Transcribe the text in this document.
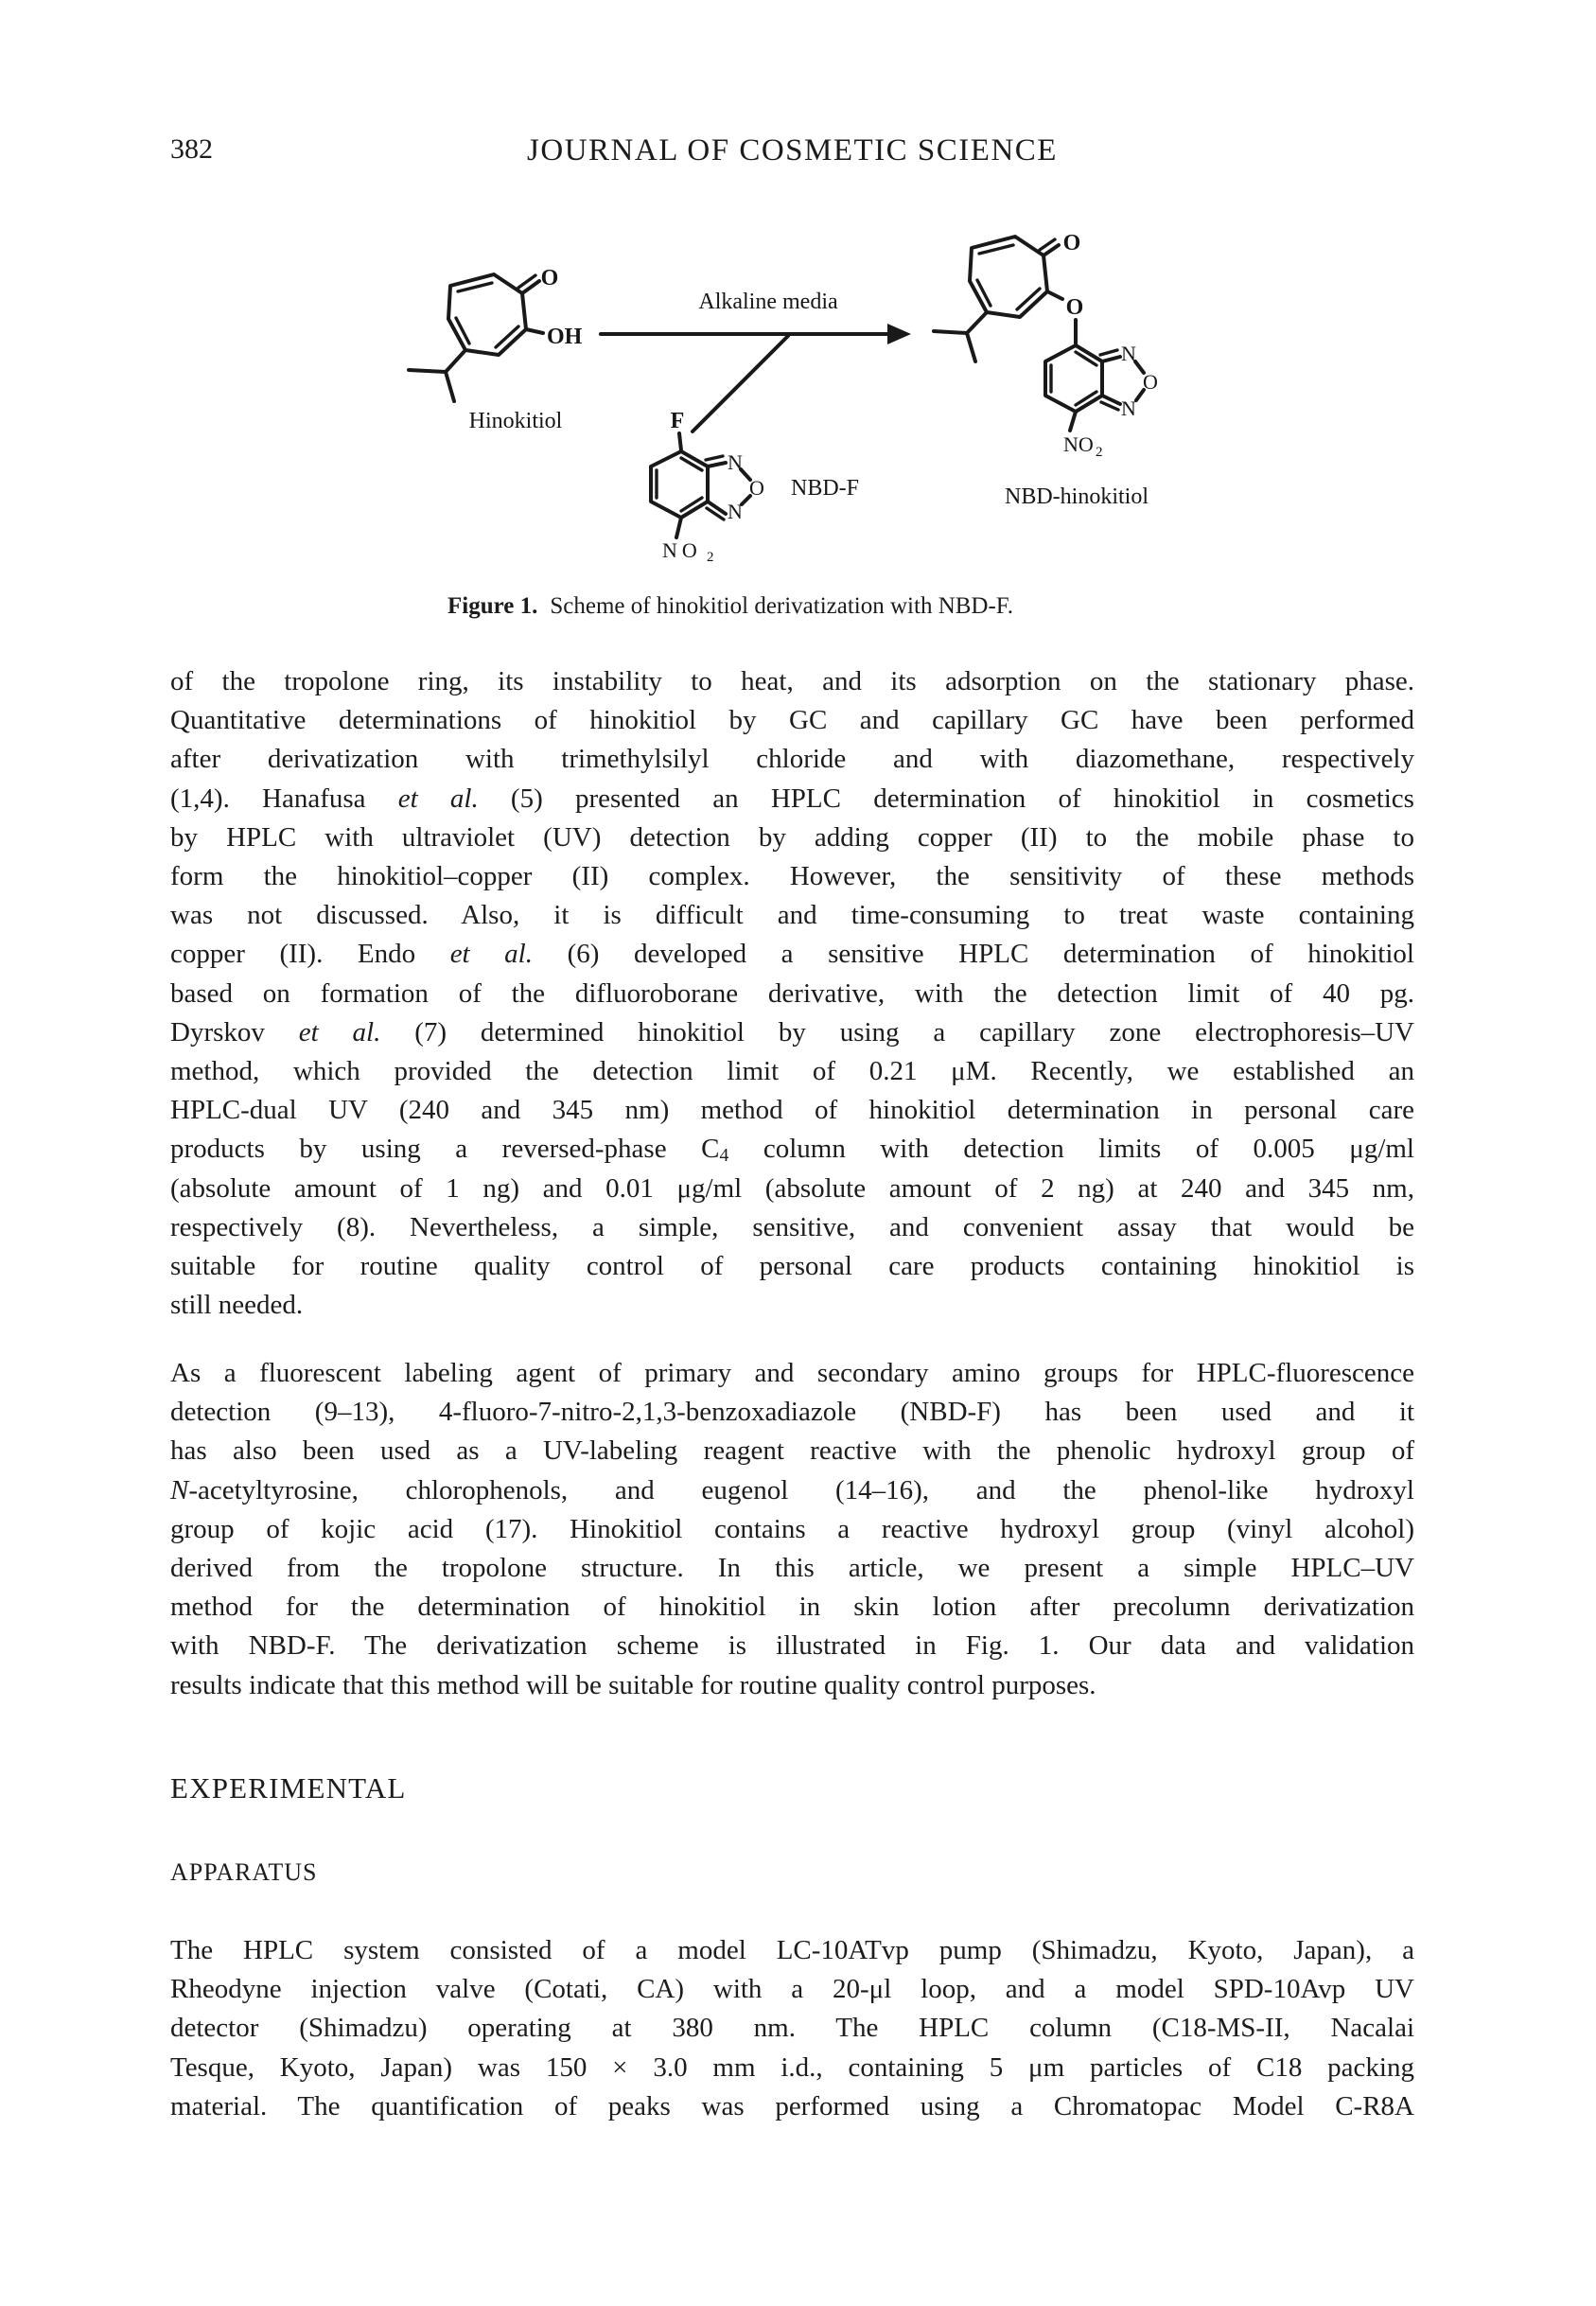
382	JOURNAL OF COSMETIC SCIENCE
O
OH
Hinokitiol
Alkaline media
F
N
O
N
NO 2
NBD-F
O
O
N
O
N
NO 2
NBD-hinokitiol
Figure 1. Scheme of hinokitiol derivatization with NBD-F.
of the tropolone ring, its instability to heat, and its adsorption on the stationary phase.
Quantitative determinations of hinokitiol by GC and capillary GC have been performed
after derivatization with trimethylsilyl chloride and with diazomethane, respectively
(1,4). Hanafusa et al. (5) presented an HPLC determination of hinokitiol in cosmetics
by HPLC with ultraviolet (UV) detection by adding copper (II) to the mobile phase to
form the hinokitiol–copper (II) complex. However, the sensitivity of these methods
was not discussed. Also, it is difficult and time-consuming to treat waste containing
copper (II). Endo et al. (6) developed a sensitive HPLC determination of hinokitiol
based on formation of the difluoroborane derivative, with the detection limit of 40 pg.
Dyrskov et al. (7) determined hinokitiol by using a capillary zone electrophoresis–UV
method, which provided the detection limit of 0.21 μM. Recently, we established an
HPLC-dual UV (240 and 345 nm) method of hinokitiol determination in personal care
products by using a reversed-phase $C_4$ column with detection limits of 0.005 μg/ml
(absolute amount of 1 ng) and 0.01 μg/ml (absolute amount of 2 ng) at 240 and 345 nm,
respectively (8). Nevertheless, a simple, sensitive, and convenient assay that would be
suitable for routine quality control of personal care products containing hinokitiol is
still needed.
As a fluorescent labeling agent of primary and secondary amino groups for HPLC-fluorescence
detection (9–13), 4-fluoro-7-nitro-2,1,3-benzoxadiazole (NBD-F) has been used and it
has also been used as a UV-labeling reagent reactive with the phenolic hydroxyl group of
N-acetyltyrosine, chlorophenols, and eugenol (14–16), and the phenol-like hydroxyl
group of kojic acid (17). Hinokitiol contains a reactive hydroxyl group (vinyl alcohol)
derived from the tropolone structure. In this article, we present a simple HPLC–UV
method for the determination of hinokitiol in skin lotion after precolumn derivatization
with NBD-F. The derivatization scheme is illustrated in Fig. 1. Our data and validation
results indicate that this method will be suitable for routine quality control purposes.
EXPERIMENTAL
APPARATUS
The HPLC system consisted of a model LC-10ATvp pump (Shimadzu, Kyoto, Japan), a
Rheodyne injection valve (Cotati, CA) with a 20-μl loop, and a model SPD-10Avp UV
detector (Shimadzu) operating at 380 nm. The HPLC column (C18-MS-II, Nacalai
Tesque, Kyoto, Japan) was 150 × 3.0 mm i.d., containing 5 μm particles of C18 packing
material. The quantification of peaks was performed using a Chromatopac Model C-R8A
